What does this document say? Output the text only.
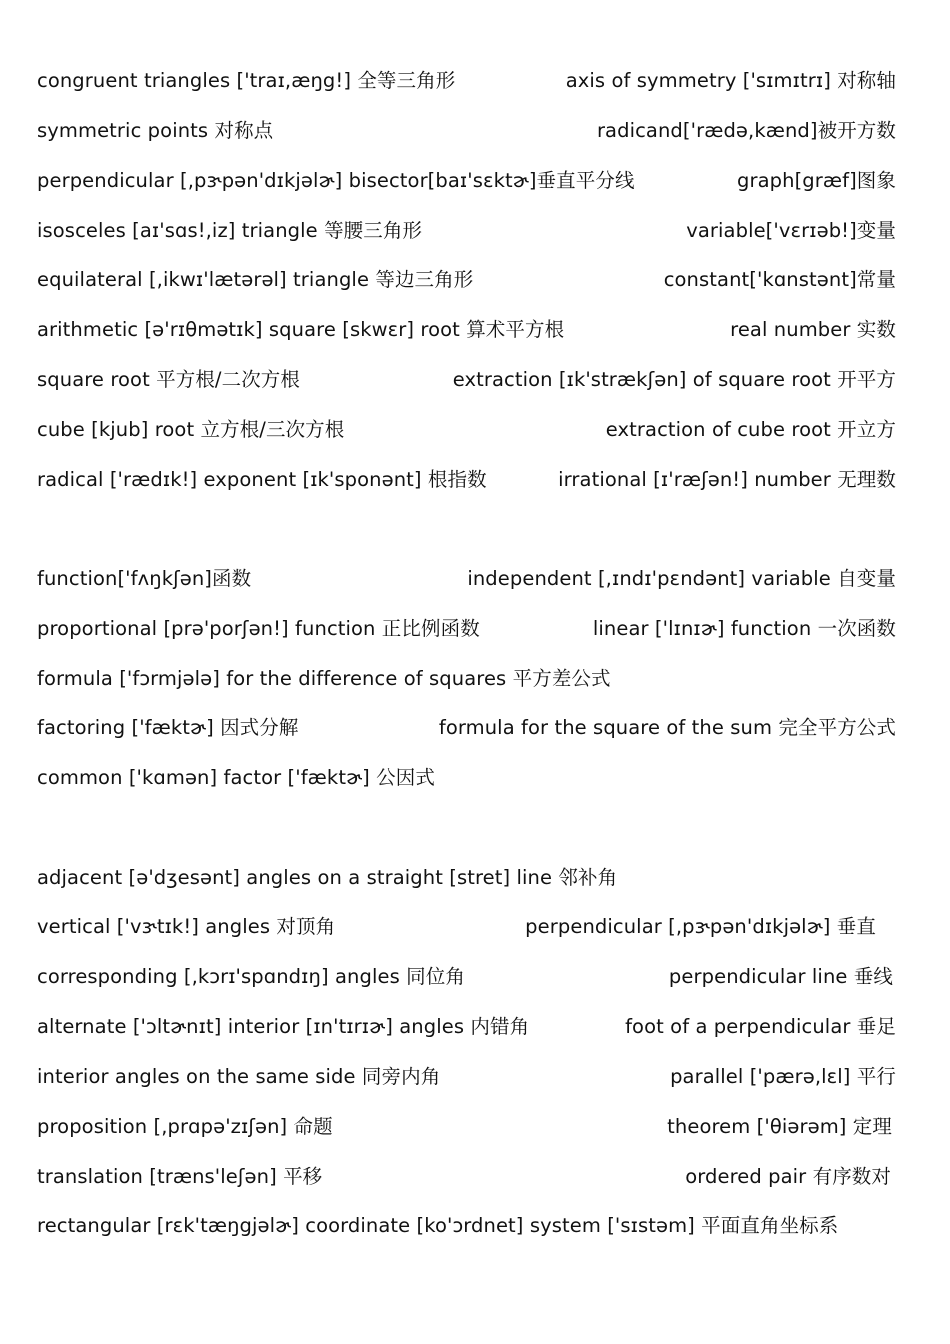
congruent triangles ['traɪ,æŋg!] 全等三角形	axis of symmetry ['sɪmɪtrɪ] 对称轴
symmetric points 对称点	radicand['rædə,kænd]被开方数
perpendicular [,pɝpən'dɪkjəlɚ] bisector[baɪ'sɛktɚ]垂直平分线	graph[græf]图象
isosceles [aɪ'sɑs!,iz] triangle 等腰三角形	variable['vɛrɪəb!]变量
equilateral [,ikwɪ'lætərəl] triangle 等边三角形	constant['kɑnstənt]常量
arithmetic [ə'rɪθmətɪk] square [skwɛr] root 算术平方根	real number 实数
square root 平方根/二次方根	extraction [ɪk'strækʃən] of square root 开平方
cube [kjub] root 立方根/三次方根	extraction of cube root 开立方
radical ['rædɪk!] exponent [ɪk'sponənt] 根指数	irrational [ɪ'ræʃən!] number 无理数
function['fʌŋkʃən]函数	independent [,ɪndɪ'pɛndənt] variable 自变量
proportional [prə'porʃən!] function 正比例函数	linear ['lɪnɪɚ] function 一次函数
formula ['fɔrmjələ] for the difference of squares 平方差公式
factoring ['fæktɚ] 因式分解	formula for the square of the sum 完全平方公式
common ['kɑmən] factor ['fæktɚ] 公因式
adjacent [ə'dʒesənt] angles on a straight [stret] line 邻补角
vertical ['vɝtɪk!] angles 对顶角	perpendicular [,pɝpən'dɪkjəlɚ] 垂直
corresponding [,kɔrɪ'spɑndɪŋ] angles 同位角	perpendicular line 垂线
alternate ['ɔltɚnɪt] interior [ɪn'tɪrɪɚ] angles 内错角	foot of a perpendicular 垂足
interior angles on the same side 同旁内角	parallel ['pærə,lɛl] 平行
proposition [,prɑpə'zɪʃən] 命题	theorem ['θiərəm] 定理
translation [træns'leʃən] 平移	ordered pair 有序数对
rectangular [rɛk'tæŋgjəlɚ] coordinate [ko'ɔrdnet] system ['sɪstəm] 平面直角坐标系
